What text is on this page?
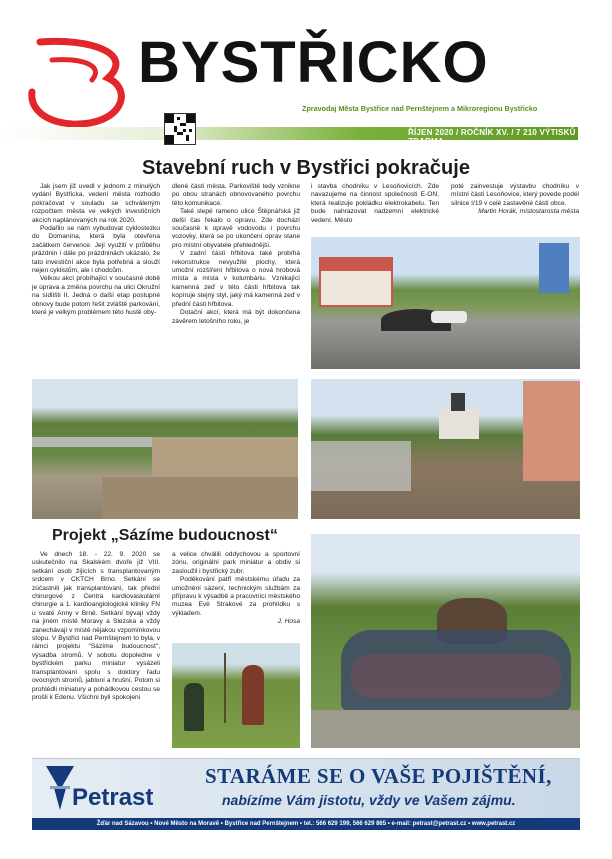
BYSTŘICKO
Zpravodaj Města Bystřice nad Pernštejnem a Mikroregionu Bystřicko
ŘÍJEN 2020 / ROČNÍK XV. / 7 210 VÝTISKŮ ZDARMA
Stavební ruch v Bystřici pokračuje

Jak jsem již uvedl v jednom z minulých vydání Bystřicka, vedení města rozhodlo pokračovat v souladu se schváleným rozpočtem města ve velkých investičních akcích naplánovaných na rok 2020.

Podařilo se nám vybudovat cyklostezku do Domanína, která byla otevřena začátkem července. Její využití v průběhu prázdnin i dále po prázdninách ukázalo, že tato investiční akce byla potřebná a slouží nejen cyklistům, ale i chodcům.

Velkou akcí probíhající v současné době je úprava a změna povrchu na ulici Okružní na sídlišti II. Jedná o další etap postupné obnovy bude potom řešit zvláště parkování, které je velkým problémem této hustě oby-

dlené části města. Parkoviště tedy vznikne po obou stranách obnovovaného povrchu této komunikace.

Také slepé rameno ulice Štěpnářská již delší čas řekalo o opravu. Zde dochází současně k opravě vodovodu i povrchu vozovky, která se po ukončení oprav stane pro místní obyvatele přehlednější.

V zadní části hřbitova také probíhá rekonstrukce nevyužité plochy, která umožní rozšíření hřbitova o nová hrobová místa a místa v kolumbáriu. Vznikající kamenná zeď v této části hřbitova tak kopíruje stejný styl, jaký má kamenná zeď v přední části hřbitova.

Dotační akcí, která má být dokončena závěrem letošního roku, je

i stavba chodníku v Lesoňovicích. Zde navazujeme na činnost společnosti E-ON, která realizuje pokládku elektrokabelu. Ten bude nahrazovat nadzemní elektrické vedení. Město

poté zainvestuje výstavbu chodníku v místní části Lesoňovice, který povede podél silnice I/19 v celé zastavěné části obce.

Martin Horák, místostarosta města
Projekt „Sázíme budoucnost“

Ve dnech 18. - 22. 9. 2020 se uskutečnilo na Skalském dvoře již VIII. setkání osob žijících s transplantovaným srdcem v CKTCH Brno. Setkání se zúčastnili jak transplantovaní, tak přední chirurgové z Centra kardiovaskulární chirurgie a 1. kardioangiologické kliniky FN u svaté Anny v Brně. Setkání bývají vždy na jiném místě Moravy a Slezska a vždy zanechávají v místě nějakou vzpomínkovou stopu. V Bystřici nad Pernštejnem to byla, v rámci projektu "Sázíme budoucnost", výsadba stromů. V sobotu dopoledne v bystřickém parku miniatur vysázeli transplantovaní spolu s doktory řadu ovocných stromů, jabloní a hrušní. Potom si prohlédli miniatury a pohádkovou cestou se prošli k Edenu. Všichni byli spokojeni

a velice chválili oddychovou a sportovní zónu, originální park miniatur a obdiv si zasloužil i bystřický zubr.

Poděkování patří městskému úřadu za umožnění sázení, technickým službám za přípravu k výsadbě a pracovníci městského muzea Evě Strakové za prohlídku s výkladem.

J. Hosa
Petrast
STARÁME SE O VAŠE POJIŠTĚNÍ,
nabízíme Vám jistotu, vždy ve Vašem zájmu.
Žďár nad Sázavou • Nové Město na Moravě • Bystřice nad Pernštejnem • tel.: 566 629 199, 566 629 865 • e-mail: petrast@petrast.cz • www.petrast.cz
